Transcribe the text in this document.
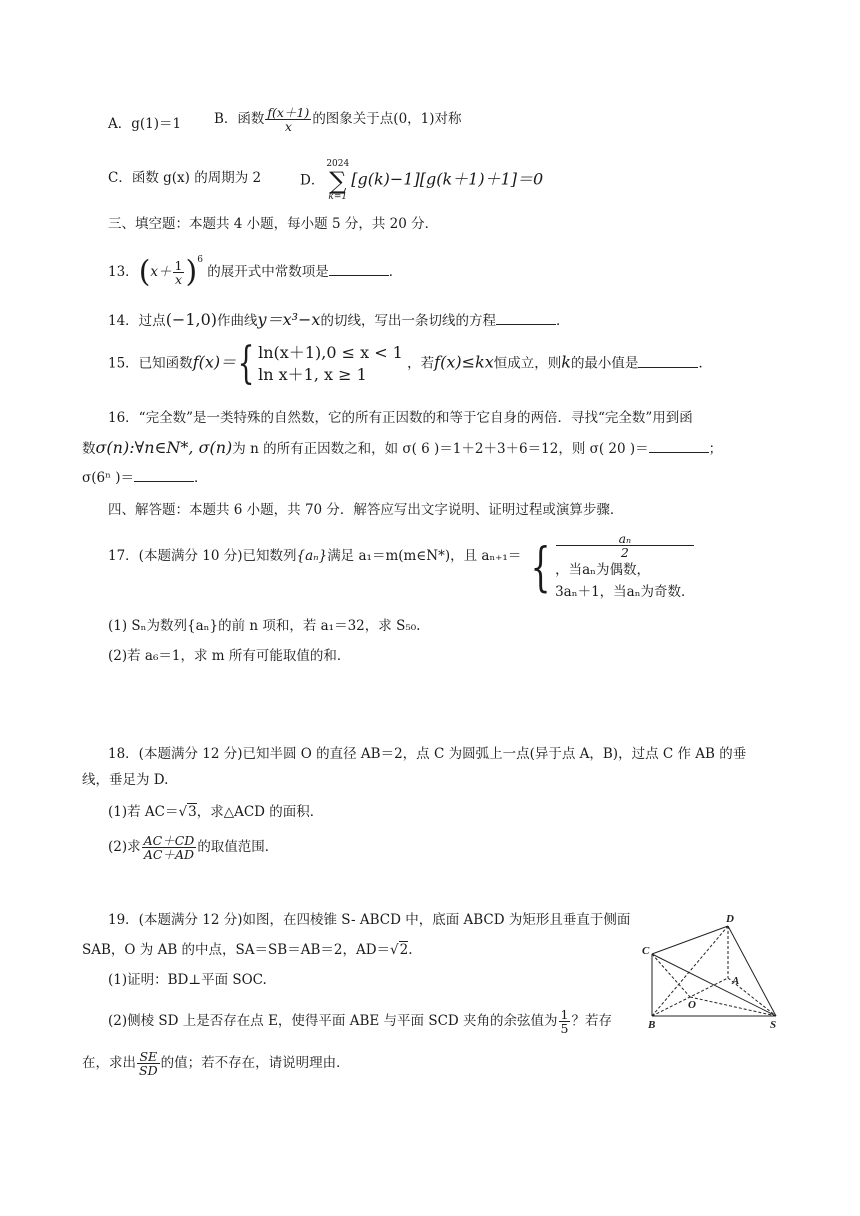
A．g(1)＝1 B．函数 $\frac{f(x+1)}{x}$ 的图象关于点(0，1)对称
C．函数 g(x) 的周期为 2	D．
2024
∑
k=1
[g(k)−1][g(k＋1)＋1]＝0
三、填空题：本题共 4 小题，每小题 5 分，共 20 分．
13．$(x+ \frac{1}{x} )^6$ 的展开式中常数项是	．
14．过点(−1,0)作曲线y＝x³−x的切线，写出一条切线的方程	．
15．已知函数f(x)＝{ ln(x＋1),0 ≤ x < 1
ln x＋1, x ≥ 1
，若f(x)≤kx恒成立，则k的最小值是	．
16．“完全数”是一类特殊的自然数，它的所有正因数的和等于它自身的两倍．寻找“完全数”用到函
数σ(n):∀n∈N*, σ(n)为 n 的所有正因数之和，如 σ( 6 )＝1＋2＋3＋6＝12，则 σ( 20 )＝	；
σ(6ⁿ )＝	．
四、解答题：本题共 6 小题，共 70 分．解答应写出文字说明、证明过程或演算步骤．
17．(本题满分 10 分)已知数列{aₙ}满足 a₁＝m(m∈N*)，且 aₙ₊₁＝ {	aₙ
2
，当aₙ为偶数，
3aₙ＋1，当aₙ为奇数．
(1) Sₙ为数列{aₙ}的前 n 项和，若 a₁＝32，求 S₅₀.
(2)若 a₆＝1，求 m 所有可能取值的和．
18．(本题满分 12 分)已知半圆 O 的直径 AB＝2，点 C 为圆弧上一点(异于点 A，B)，过点 C 作 AB 的垂
线，垂足为 D.
(1)若 AC＝√3，求△ACD 的面积．
(2)求 $\frac{AC+CD}{AC+AD}$ 的取值范围．
19．(本题满分 12 分)如图，在四棱锥 S- ABCD 中，底面 ABCD 为矩形且垂直于侧面
SAB，O 为 AB 的中点，SA＝SB＝AB＝2，AD＝√2.
(1)证明：BD⊥平面 SOC.
(2)侧棱 SD 上是否存在点 E，使得平面 ABE 与平面 SCD 夹角的余弦值为 $\frac{1}{5}$ ？若存
在，求出 $\frac{SE}{SD}$ 的值；若不存在，请说明理由．
D
C
A
O
B	S
